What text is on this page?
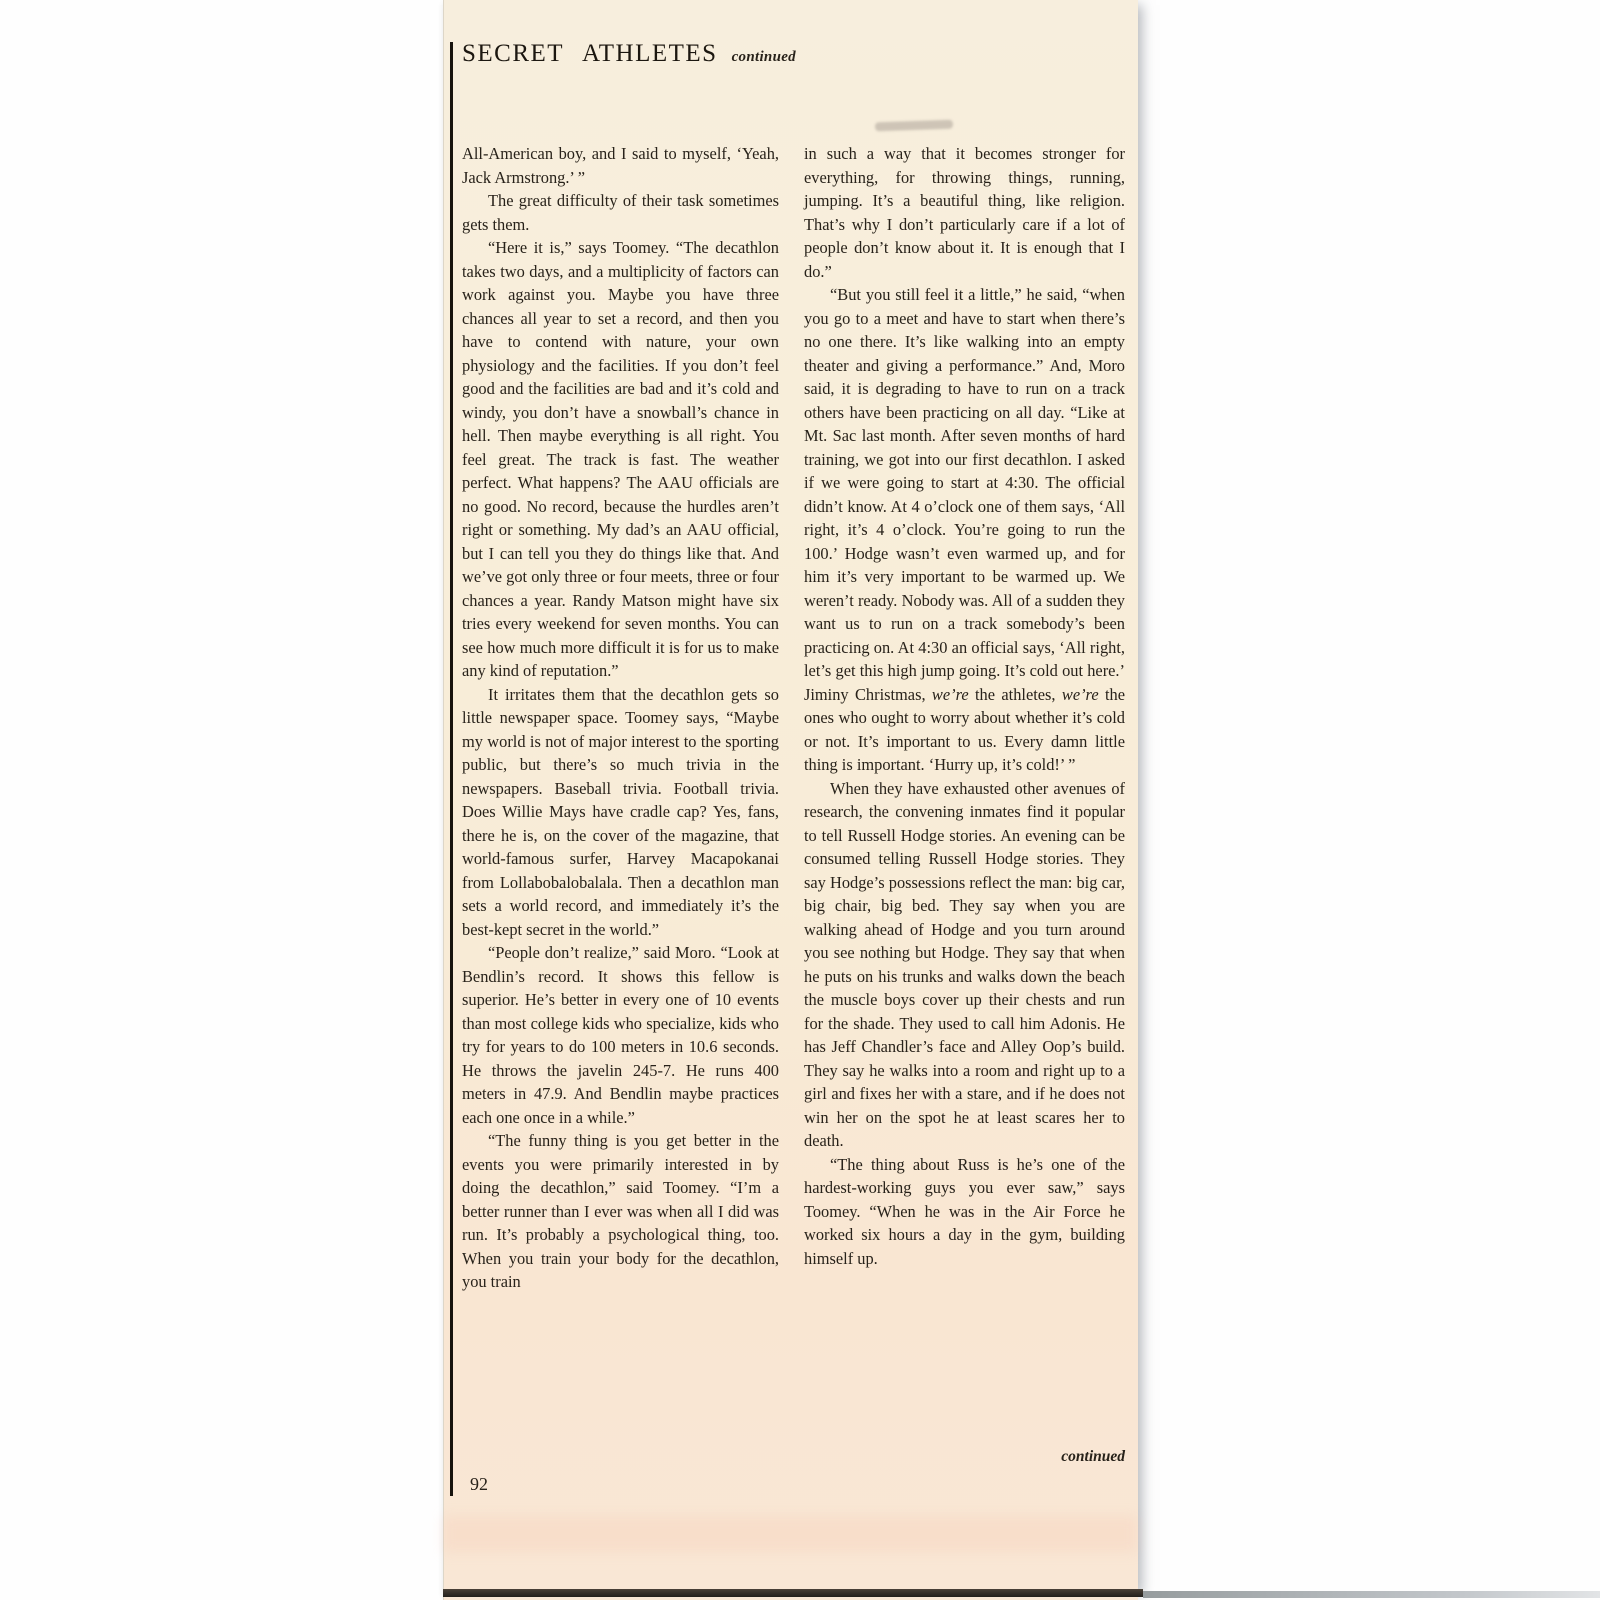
SECRET ATHLETES continued

All-American boy, and I said to myself, ‘Yeah, Jack Armstrong.’ ”

The great difficulty of their task sometimes gets them.

“Here it is,” says Toomey. “The decathlon takes two days, and a multiplicity of factors can work against you. Maybe you have three chances all year to set a record, and then you have to contend with nature, your own physiology and the facilities. If you don’t feel good and the facilities are bad and it’s cold and windy, you don’t have a snowball’s chance in hell. Then maybe everything is all right. You feel great. The track is fast. The weather perfect. What happens? The AAU officials are no good. No record, because the hurdles aren’t right or something. My dad’s an AAU official, but I can tell you they do things like that. And we’ve got only three or four meets, three or four chances a year. Randy Matson might have six tries every weekend for seven months. You can see how much more difficult it is for us to make any kind of reputation.”

It irritates them that the decathlon gets so little newspaper space. Toomey says, “Maybe my world is not of major interest to the sporting public, but there’s so much trivia in the newspapers. Baseball trivia. Football trivia. Does Willie Mays have cradle cap? Yes, fans, there he is, on the cover of the magazine, that world-famous surfer, Harvey Macapokanai from Lollabobalobalala. Then a decathlon man sets a world record, and immediately it’s the best-kept secret in the world.”

“People don’t realize,” said Moro. “Look at Bendlin’s record. It shows this fellow is superior. He’s better in every one of 10 events than most college kids who specialize, kids who try for years to do 100 meters in 10.6 seconds. He throws the javelin 245-7. He runs 400 meters in 47.9. And Bendlin maybe practices each one once in a while.”

“The funny thing is you get better in the events you were primarily interested in by doing the decathlon,” said Toomey. “I’m a better runner than I ever was when all I did was run. It’s probably a psychological thing, too. When you train your body for the decathlon, you train

in such a way that it becomes stronger for everything, for throwing things, running, jumping. It’s a beautiful thing, like religion. That’s why I don’t particularly care if a lot of people don’t know about it. It is enough that I do.”

“But you still feel it a little,” he said, “when you go to a meet and have to start when there’s no one there. It’s like walking into an empty theater and giving a performance.” And, Moro said, it is degrading to have to run on a track others have been practicing on all day. “Like at Mt. Sac last month. After seven months of hard training, we got into our first decathlon. I asked if we were going to start at 4:30. The official didn’t know. At 4 o’clock one of them says, ‘All right, it’s 4 o’clock. You’re going to run the 100.’ Hodge wasn’t even warmed up, and for him it’s very important to be warmed up. We weren’t ready. Nobody was. All of a sudden they want us to run on a track somebody’s been practicing on. At 4:30 an official says, ‘All right, let’s get this high jump going. It’s cold out here.’ Jiminy Christmas, we’re the athletes, we’re the ones who ought to worry about whether it’s cold or not. It’s important to us. Every damn little thing is important. ‘Hurry up, it’s cold!’ ”

When they have exhausted other avenues of research, the convening inmates find it popular to tell Russell Hodge stories. An evening can be consumed telling Russell Hodge stories. They say Hodge’s possessions reflect the man: big car, big chair, big bed. They say when you are walking ahead of Hodge and you turn around you see nothing but Hodge. They say that when he puts on his trunks and walks down the beach the muscle boys cover up their chests and run for the shade. They used to call him Adonis. He has Jeff Chandler’s face and Alley Oop’s build. They say he walks into a room and right up to a girl and fixes her with a stare, and if he does not win her on the spot he at least scares her to death.

“The thing about Russ is he’s one of the hardest-working guys you ever saw,” says Toomey. “When he was in the Air Force he worked six hours a day in the gym, building himself up.

continued
92
